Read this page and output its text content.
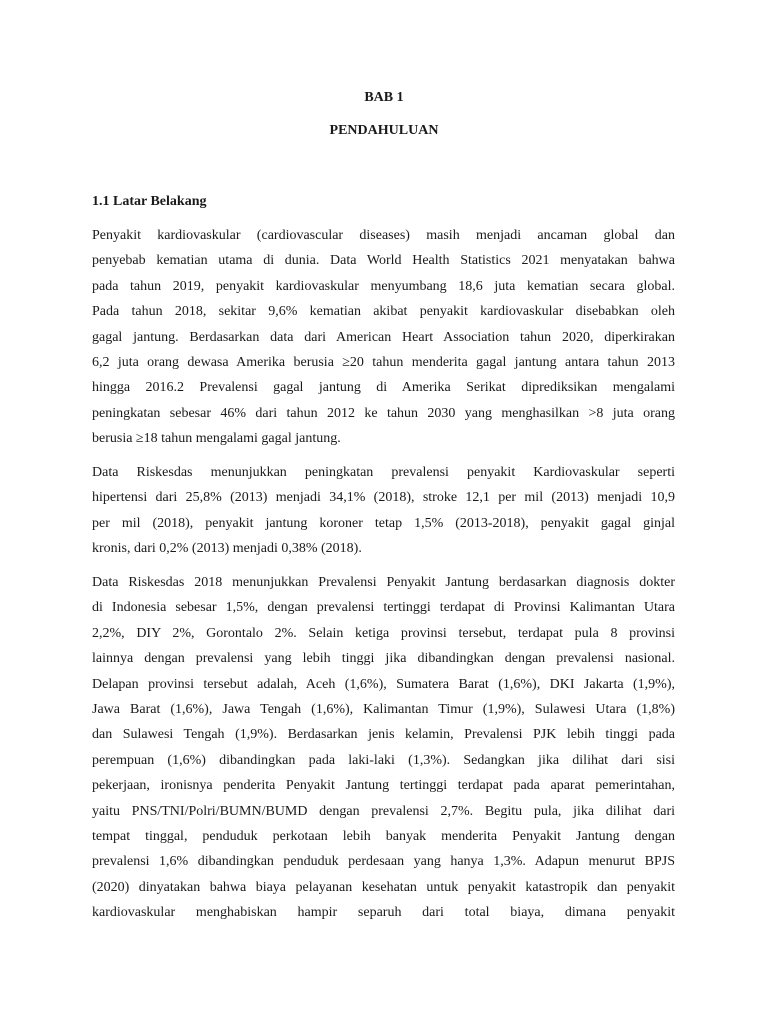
BAB 1
PENDAHULUAN
1.1 Latar Belakang
Penyakit kardiovaskular (cardiovascular diseases) masih menjadi ancaman global dan
penyebab kematian utama di dunia. Data World Health Statistics 2021 menyatakan bahwa
pada tahun 2019, penyakit kardiovaskular menyumbang 18,6 juta kematian secara global.
Pada tahun 2018, sekitar 9,6% kematian akibat penyakit kardiovaskular disebabkan oleh
gagal jantung. Berdasarkan data dari American Heart Association tahun 2020, diperkirakan
6,2 juta orang dewasa Amerika berusia ≥20 tahun menderita gagal jantung antara tahun 2013
hingga 2016.2 Prevalensi gagal jantung di Amerika Serikat diprediksikan mengalami
peningkatan sebesar 46% dari tahun 2012 ke tahun 2030 yang menghasilkan >8 juta orang
berusia ≥18 tahun mengalami gagal jantung.
Data Riskesdas menunjukkan peningkatan prevalensi penyakit Kardiovaskular seperti
hipertensi dari 25,8% (2013) menjadi 34,1% (2018), stroke 12,1 per mil (2013) menjadi 10,9
per mil (2018), penyakit jantung koroner tetap 1,5% (2013-2018), penyakit gagal ginjal
kronis, dari 0,2% (2013) menjadi 0,38% (2018).
Data Riskesdas 2018 menunjukkan Prevalensi Penyakit Jantung berdasarkan diagnosis dokter
di Indonesia sebesar 1,5%, dengan prevalensi tertinggi terdapat di Provinsi Kalimantan Utara
2,2%, DIY 2%, Gorontalo 2%. Selain ketiga provinsi tersebut, terdapat pula 8 provinsi
lainnya dengan prevalensi yang lebih tinggi jika dibandingkan dengan prevalensi nasional.
Delapan provinsi tersebut adalah, Aceh (1,6%), Sumatera Barat (1,6%), DKI Jakarta (1,9%),
Jawa Barat (1,6%), Jawa Tengah (1,6%), Kalimantan Timur (1,9%), Sulawesi Utara (1,8%)
dan Sulawesi Tengah (1,9%). Berdasarkan jenis kelamin, Prevalensi PJK lebih tinggi pada
perempuan (1,6%) dibandingkan pada laki-laki (1,3%). Sedangkan jika dilihat dari sisi
pekerjaan, ironisnya penderita Penyakit Jantung tertinggi terdapat pada aparat pemerintahan,
yaitu PNS/TNI/Polri/BUMN/BUMD dengan prevalensi 2,7%. Begitu pula, jika dilihat dari
tempat tinggal, penduduk perkotaan lebih banyak menderita Penyakit Jantung dengan
prevalensi 1,6% dibandingkan penduduk perdesaan yang hanya 1,3%. Adapun menurut BPJS
(2020) dinyatakan bahwa biaya pelayanan kesehatan untuk penyakit katastropik dan penyakit
kardiovaskular menghabiskan hampir separuh dari total biaya, dimana penyakit
